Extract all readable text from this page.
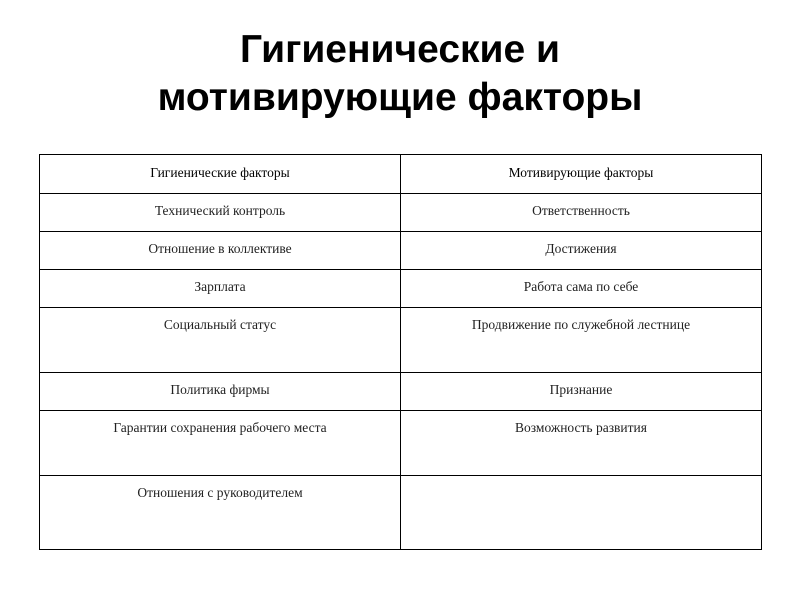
Гигиенические и
мотивирующие факторы
Гигиенические факторы	Мотивирующие факторы
Технический контроль	Ответственность
Отношение в коллективе	Достижения
Зарплата	Работа сама по себе
Социальный статус	Продвижение по служебной лестнице
Политика фирмы	Признание
Гарантии сохранения рабочего места	Возможность развития
Отношения с руководителем	
